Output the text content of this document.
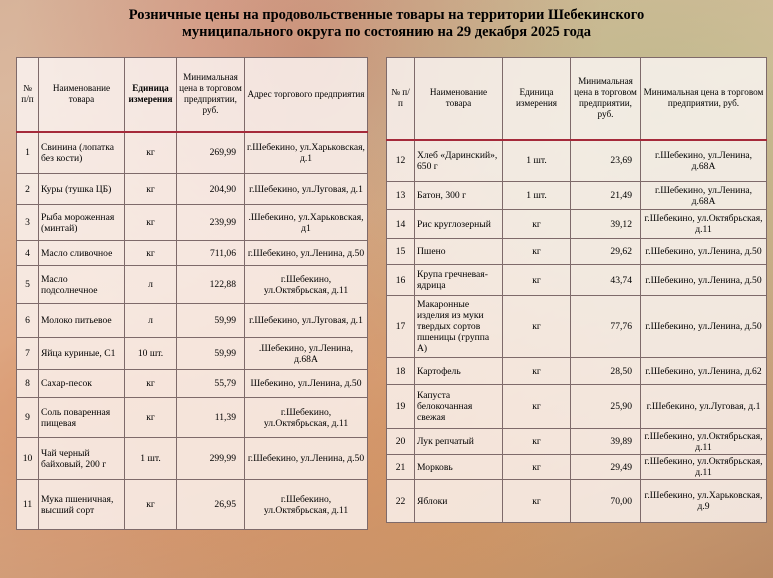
Розничные цены на продовольственные товары на территории Шебекинского
муниципального округа по состоянию на 29 декабря 2025 года
№ п/п	Наименование товара	Единица измерения	Минимальная цена в торговом предприятии, руб.	Адрес торгового предприятия
1	Свинина (лопатка без кости)	кг	269,99	г.Шебекино, ул.Харьковская, д.1
2	Куры (тушка ЦБ)	кг	204,90	г.Шебекино, ул.Луговая, д.1
3	Рыба мороженная (минтай)	кг	239,99	.Шебекино, ул.Харьковская, д1
4	Масло сливочное	кг	711,06	г.Шебекино, ул.Ленина, д.50
5	Масло подсолнечное	л	122,88	г.Шебекино, ул.Октябрьская, д.11
6	Молоко питьевое	л	59,99	г.Шебекино, ул.Луговая, д.1
7	Яйца куриные, С1	10 шт.	59,99	.Шебекино, ул.Ленина, д.68А
8	Сахар-песок	кг	55,79	Шебекино, ул.Ленина, д.50
9	Соль поваренная пищевая	кг	11,39	г.Шебекино, ул.Октябрьская, д.11
10	Чай черный байховый, 200 г	1 шт.	299,99	г.Шебекино, ул.Ленина, д.50
11	Мука пшеничная, высший сорт	кг	26,95	г.Шебекино, ул.Октябрьская, д.11
№ п/п	Наименование товара	Единица измерения	Минимальная цена в торговом предприятии, руб.	Минимальная цена в торговом предприятии, руб.
12	Хлеб «Даринский», 650 г	1 шт.	23,69	г.Шебекино, ул.Ленина, д.68А
13	Батон, 300 г	1 шт.	21,49	г.Шебекино, ул.Ленина, д.68А
14	Рис круглозерный	кг	39,12	г.Шебекино, ул.Октябрьская, д.11
15	Пшено	кг	29,62	г.Шебекино, ул.Ленина, д.50
16	Крупа гречневая-ядрица	кг	43,74	г.Шебекино, ул.Ленина, д.50
17	Макаронные изделия из муки твердых сортов пшеницы (группа А)	кг	77,76	г.Шебекино, ул.Ленина, д.50
18	Картофель	кг	28,50	г.Шебекино, ул.Ленина, д.62
19	Капуста белокочанная свежая	кг	25,90	г.Шебекино, ул.Луговая, д.1
20	Лук репчатый	кг	39,89	г.Шебекино, ул.Октябрьская, д.11
21	Морковь	кг	29,49	г.Шебекино, ул.Октябрьская, д.11
22	Яблоки	кг	70,00	г.Шебекино, ул.Харьковская, д.9
